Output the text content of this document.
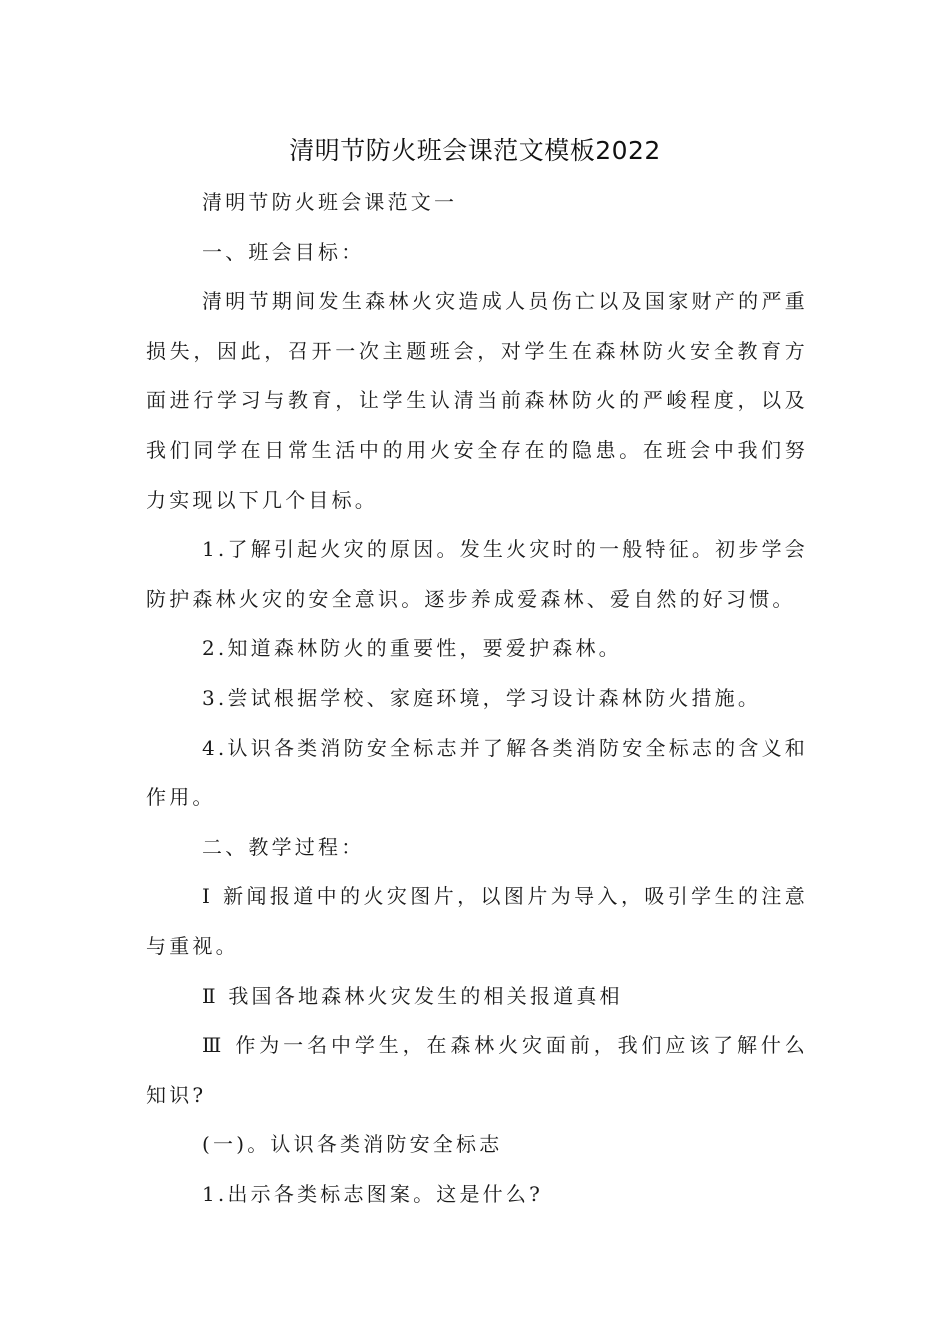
清明节防火班会课范文模板2022

清明节防火班会课范文一

一、班会目标：

清明节期间发生森林火灾造成人员伤亡以及国家财产的严重损失，因此，召开一次主题班会，对学生在森林防火安全教育方面进行学习与教育，让学生认清当前森林防火的严峻程度，以及我们同学在日常生活中的用火安全存在的隐患。在班会中我们努力实现以下几个目标。

1.了解引起火灾的原因。发生火灾时的一般特征。初步学会防护森林火灾的安全意识。逐步养成爱森林、爱自然的好习惯。

2.知道森林防火的重要性，要爱护森林。

3.尝试根据学校、家庭环境，学习设计森林防火措施。

4.认识各类消防安全标志并了解各类消防安全标志的含义和作用。

二、教学过程：

Ⅰ 新闻报道中的火灾图片，以图片为导入，吸引学生的注意与重视。

Ⅱ 我国各地森林火灾发生的相关报道真相

Ⅲ 作为一名中学生，在森林火灾面前，我们应该了解什么知识?

(一)。认识各类消防安全标志

1.出示各类标志图案。这是什么?
